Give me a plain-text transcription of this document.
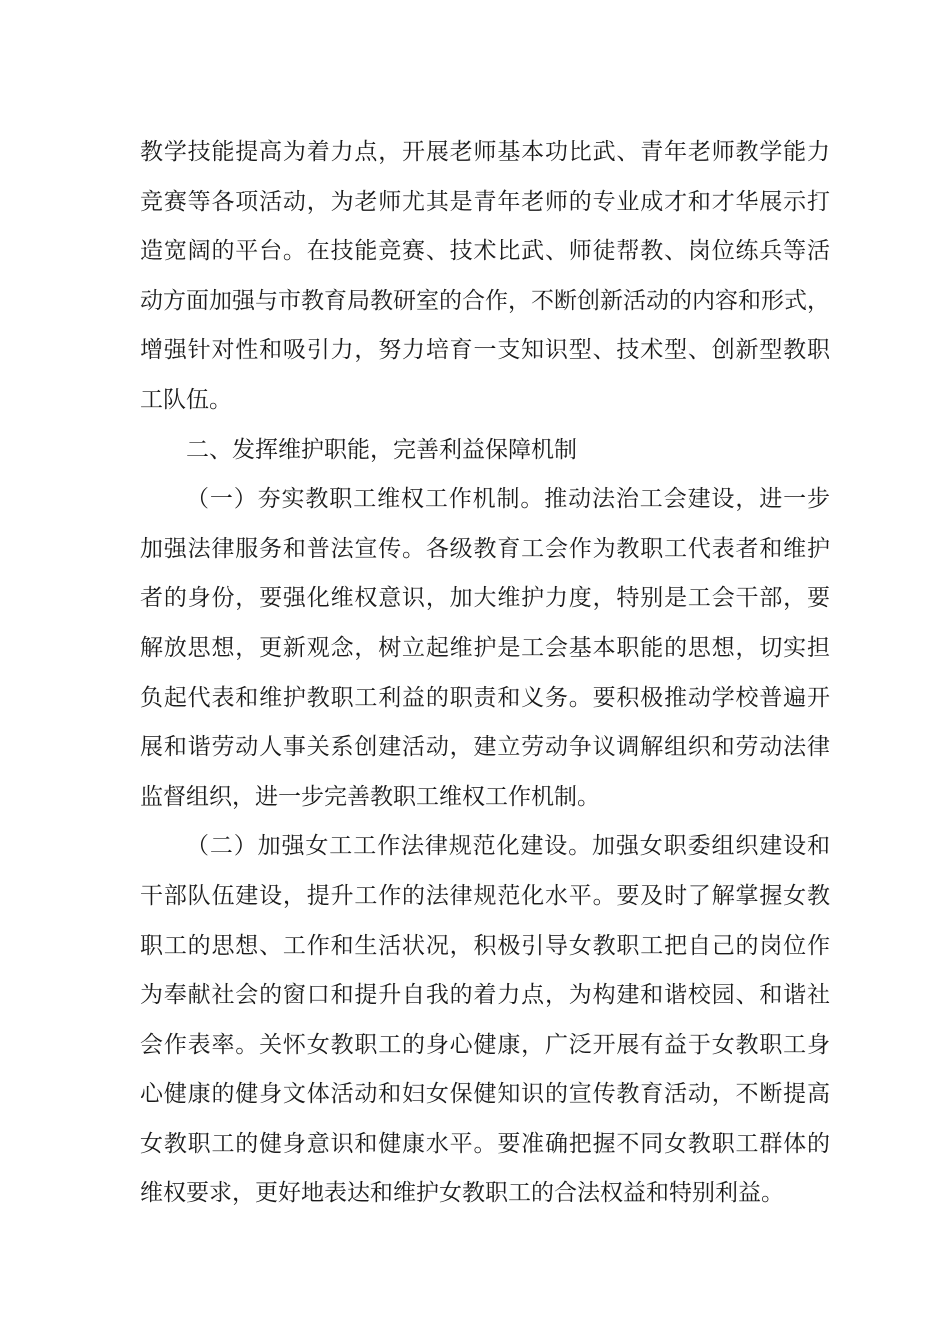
教学技能提高为着力点，开展老师基本功比武、青年老师教学能力
竞赛等各项活动，为老师尤其是青年老师的专业成才和才华展示打
造宽阔的平台。在技能竞赛、技术比武、师徒帮教、岗位练兵等活
动方面加强与市教育局教研室的合作，不断创新活动的内容和形式，
增强针对性和吸引力，努力培育一支知识型、技术型、创新型教职
工队伍。
二、发挥维护职能，完善利益保障机制
（一）夯实教职工维权工作机制。推动法治工会建设，进一步
加强法律服务和普法宣传。各级教育工会作为教职工代表者和维护
者的身份，要强化维权意识，加大维护力度，特别是工会干部，要
解放思想，更新观念，树立起维护是工会基本职能的思想，切实担
负起代表和维护教职工利益的职责和义务。要积极推动学校普遍开
展和谐劳动人事关系创建活动，建立劳动争议调解组织和劳动法律
监督组织，进一步完善教职工维权工作机制。
（二）加强女工工作法律规范化建设。加强女职委组织建设和
干部队伍建设，提升工作的法律规范化水平。要及时了解掌握女教
职工的思想、工作和生活状况，积极引导女教职工把自己的岗位作
为奉献社会的窗口和提升自我的着力点，为构建和谐校园、和谐社
会作表率。关怀女教职工的身心健康，广泛开展有益于女教职工身
心健康的健身文体活动和妇女保健知识的宣传教育活动，不断提高
女教职工的健身意识和健康水平。要准确把握不同女教职工群体的
维权要求，更好地表达和维护女教职工的合法权益和特别利益。
